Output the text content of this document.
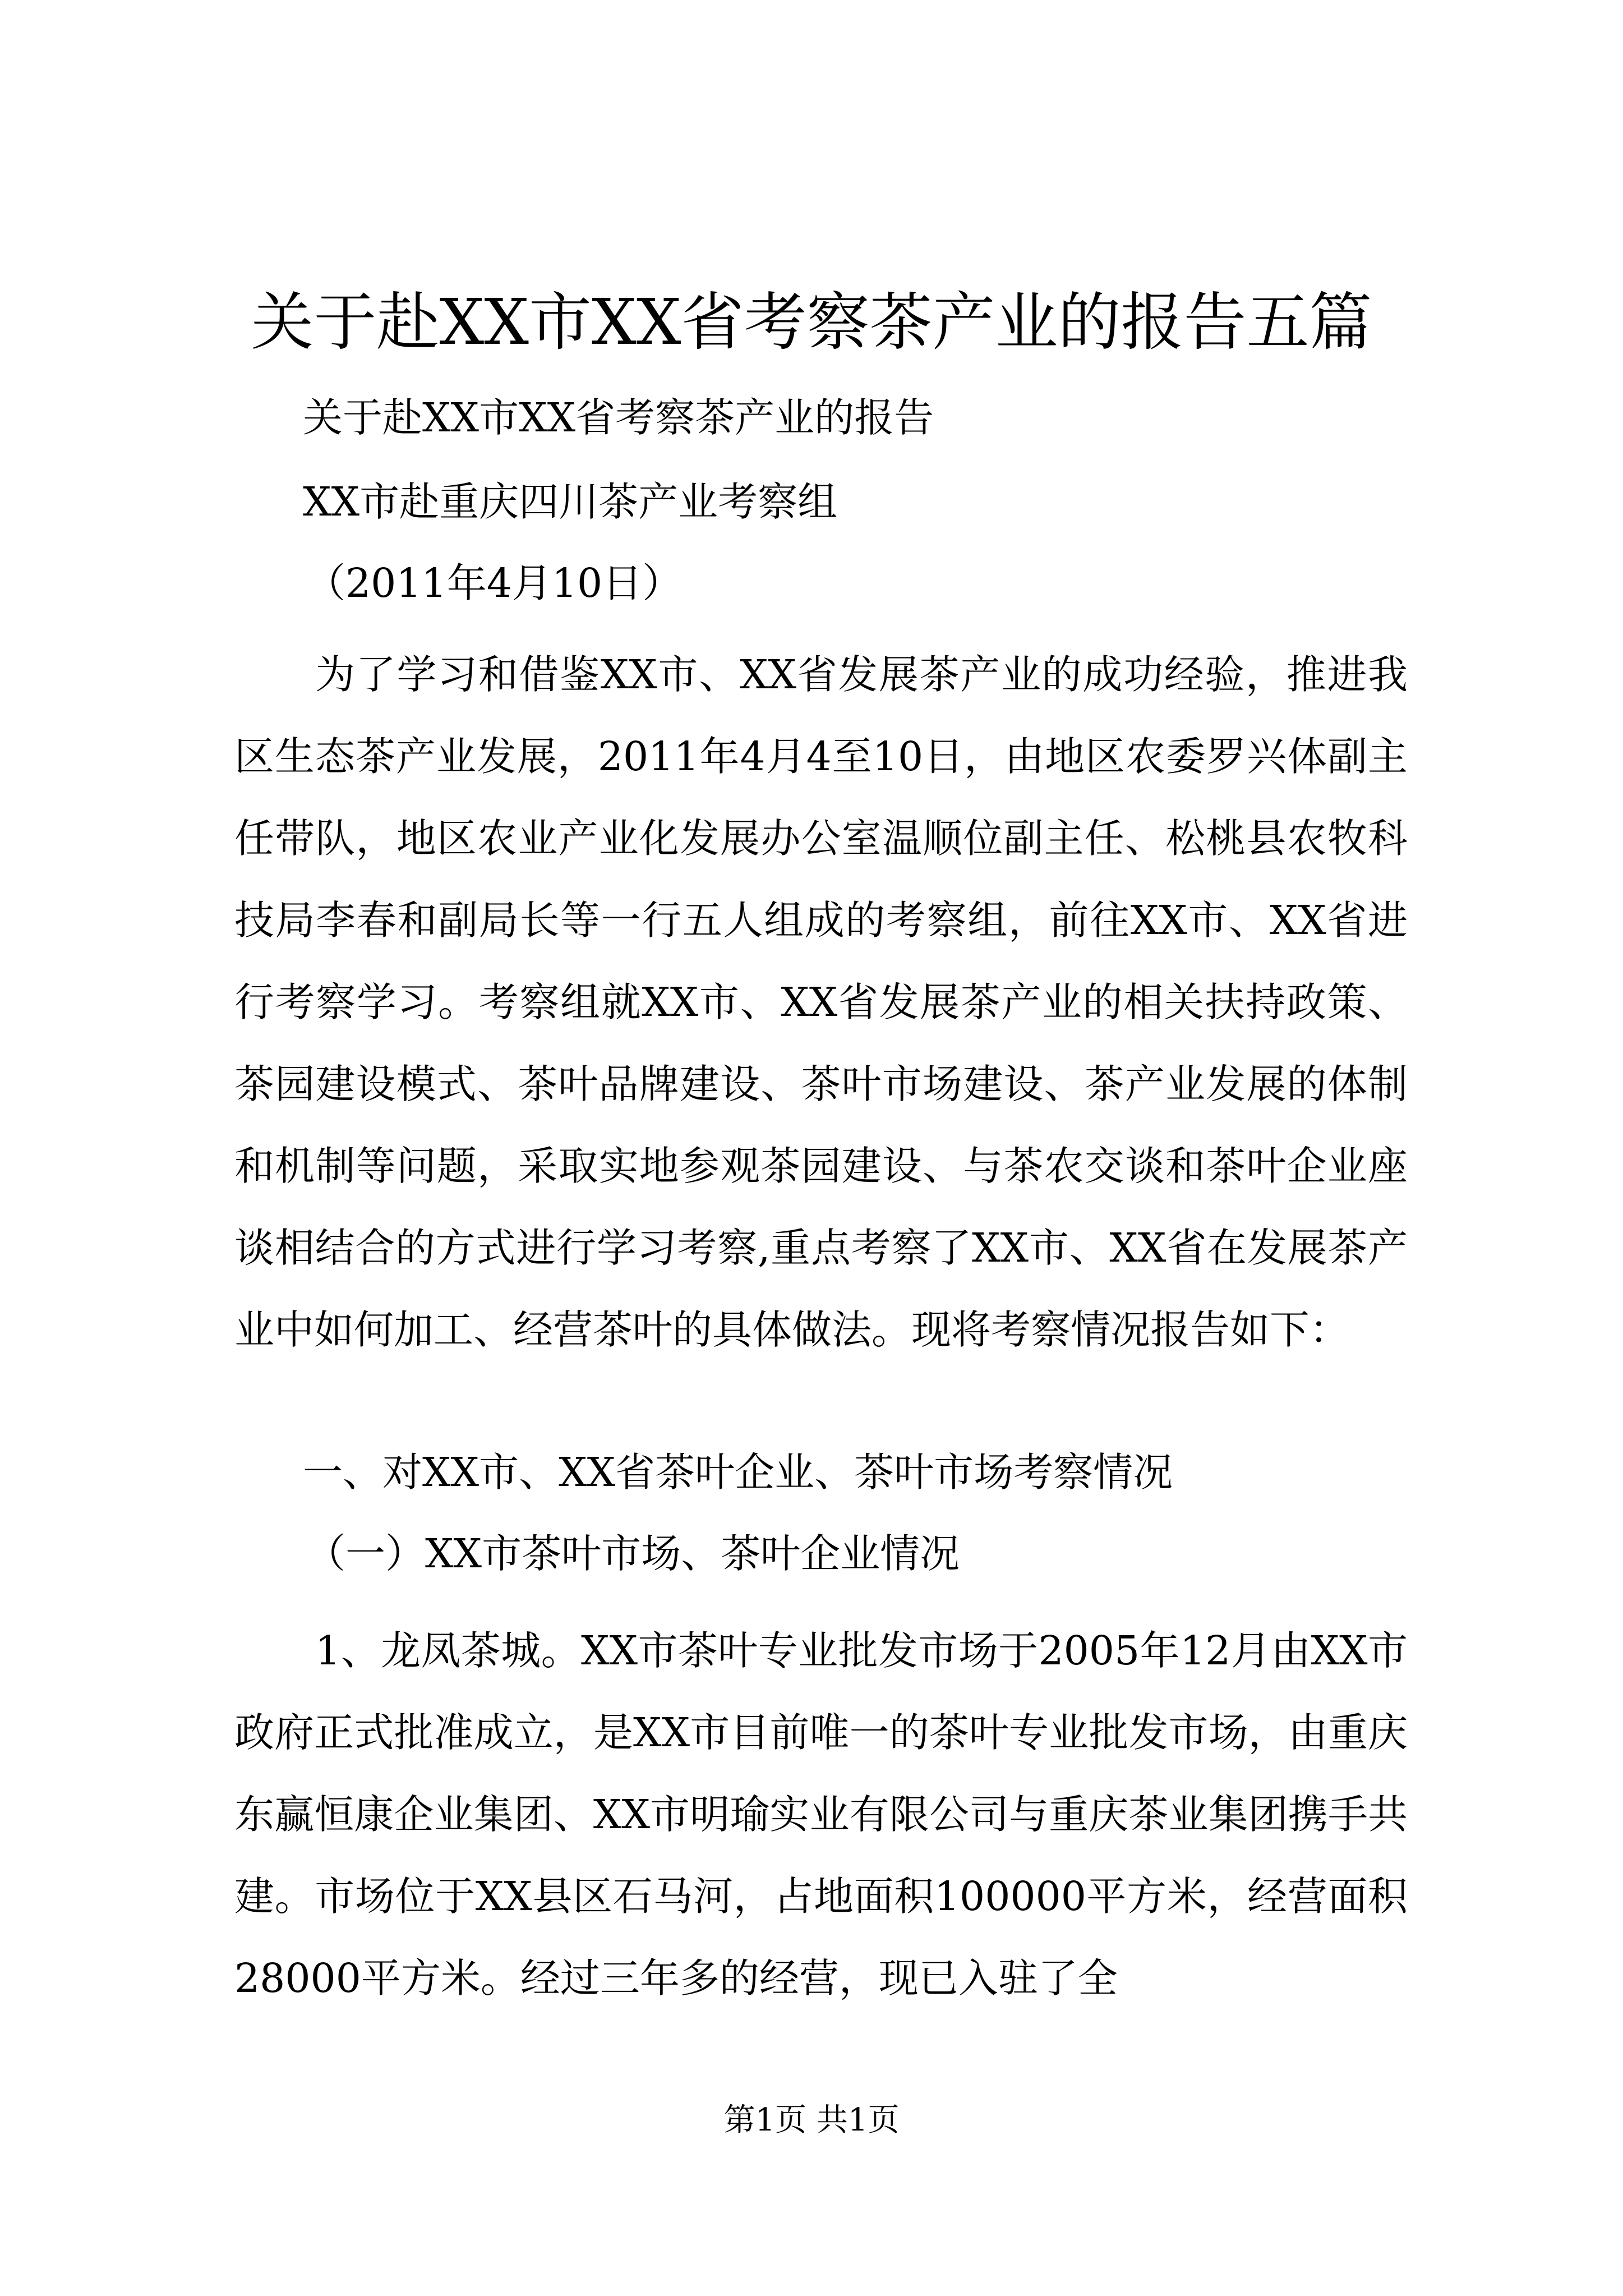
关于赴XX市XX省考察茶产业的报告五篇
关于赴XX市XX省考察茶产业的报告
XX市赴重庆四川茶产业考察组
（2011年4月10日）

为了学习和借鉴XX市、XX省发展茶产业的成功经验，推进我区生态茶产业发展，2011年4月4至10日，由地区农委罗兴体副主任带队，地区农业产业化发展办公室温顺位副主任、松桃县农牧科技局李春和副局长等一行五人组成的考察组，前往XX市、XX省进行考察学习。考察组就XX市、XX省发展茶产业的相关扶持政策、茶园建设模式、茶叶品牌建设、茶叶市场建设、茶产业发展的体制和机制等问题，采取实地参观茶园建设、与茶农交谈和茶叶企业座谈相结合的方式进行学习考察,重点考察了XX市、XX省在发展茶产业中如何加工、经营茶叶的具体做法。现将考察情况报告如下：

一、对XX市、XX省茶叶企业、茶叶市场考察情况
（一）XX市茶叶市场、茶叶企业情况

1、龙凤茶城。XX市茶叶专业批发市场于2005年12月由XX市政府正式批准成立，是XX市目前唯一的茶叶专业批发市场，由重庆东赢恒康企业集团、XX市明瑜实业有限公司与重庆茶业集团携手共建。市场位于XX县区石马河，占地面积100000平方米，经营面积28000平方米。经过三年多的经营，现已入驻了全

第1页 共1页
